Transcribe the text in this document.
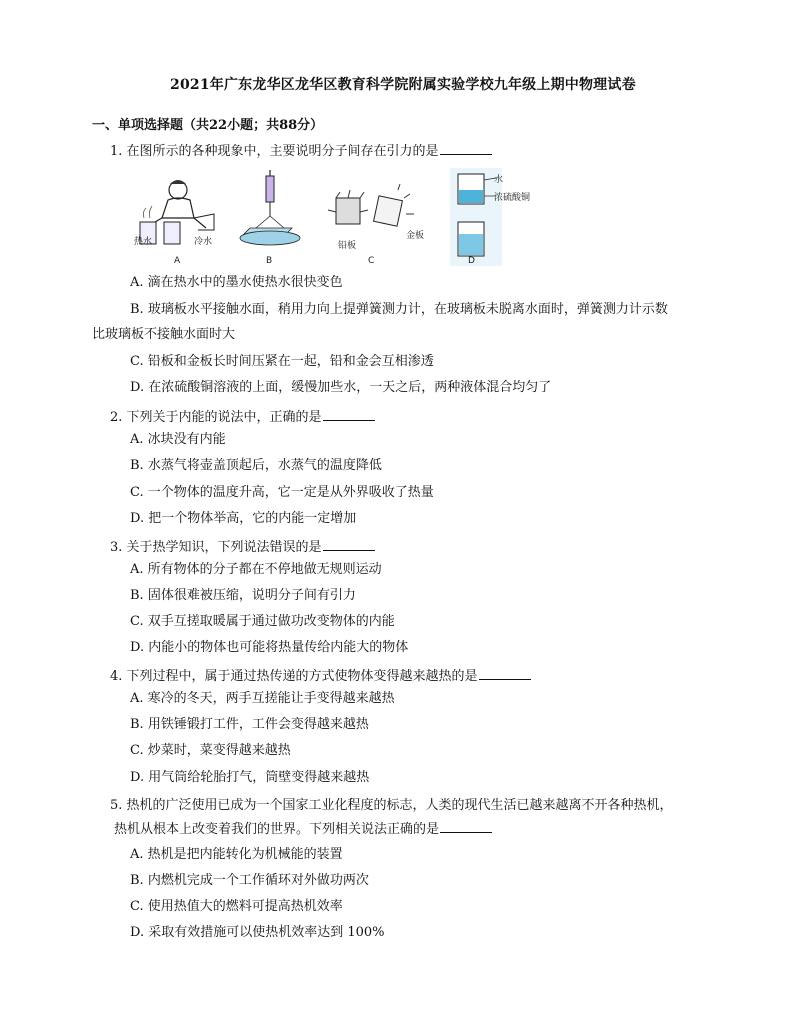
2021年广东龙华区龙华区教育科学院附属实验学校九年级上期中物理试卷
一、单项选择题（共22小题；共88分）
1. 在图所示的各种现象中，主要说明分子间存在引力的是
热水	冷水
A	B
铅板
金板
C
水
浓硫酸铜
D
A. 滴在热水中的墨水使热水很快变色
B. 玻璃板水平接触水面，稍用力向上提弹簧测力计，在玻璃板未脱离水面时，弹簧测力计示数
比玻璃板不接触水面时大
C. 铅板和金板长时间压紧在一起，铅和金会互相渗透
D. 在浓硫酸铜溶液的上面，缓慢加些水，一天之后，两种液体混合均匀了
2. 下列关于内能的说法中，正确的是
A. 冰块没有内能
B. 水蒸气将壶盖顶起后，水蒸气的温度降低
C. 一个物体的温度升高，它一定是从外界吸收了热量
D. 把一个物体举高，它的内能一定增加
3. 关于热学知识，下列说法错误的是
A. 所有物体的分子都在不停地做无规则运动
B. 固体很难被压缩，说明分子间有引力
C. 双手互搓取暖属于通过做功改变物体的内能
D. 内能小的物体也可能将热量传给内能大的物体
4. 下列过程中，属于通过热传递的方式使物体变得越来越热的是
A. 寒冷的冬天，两手互搓能让手变得越来越热
B. 用铁锤锻打工件，工件会变得越来越热
C. 炒菜时，菜变得越来越热
D. 用气筒给轮胎打气，筒壁变得越来越热
5. 热机的广泛使用已成为一个国家工业化程度的标志，人类的现代生活已越来越离不开各种热机，
热机从根本上改变着我们的世界。下列相关说法正确的是
A. 热机是把内能转化为机械能的装置
B. 内燃机完成一个工作循环对外做功两次
C. 使用热值大的燃料可提高热机效率
D. 采取有效措施可以使热机效率达到 100%
